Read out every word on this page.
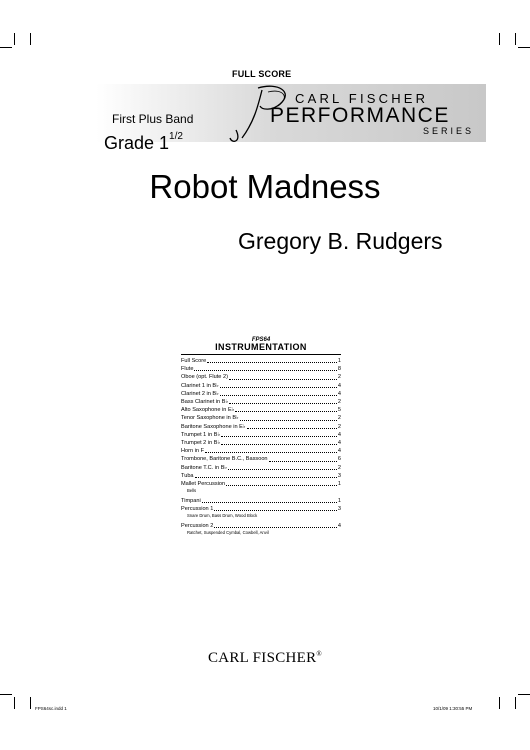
FULL SCORE
CARL FISCHER
PERFORMANCE
SERIES
First Plus Band
Grade $1^{1/2}$
Robot Madness
Gregory B. Rudgers
FPS64
INSTRUMENTATION
Full Score	1
Flute	8
Oboe (opt. Flute 2)	2
Clarinet 1 in B♭	4
Clarinet 2 in B♭	4
Bass Clarinet in B♭	2
Alto Saxophone in E♭	5
Tenor Saxophone in B♭	2
Baritone Saxophone in E♭	2
Trumpet 1 in B♭	4
Trumpet 2 in B♭	4
Horn in F	4
Trombone, Baritone B.C., Bassoon	6
Baritone T.C. in B♭	2
Tuba	3
Mallet Percussion	1
Bells
Timpani	1
Percussion 1	3
Snare Drum, Bass Drum, Wood Block
Percussion 2	4
Ratchet, Suspended Cymbal, Cowbell, Anvil
CARL FISCHER®
FPS64sc.indd 1	10/1/09 1:30:55 PM
